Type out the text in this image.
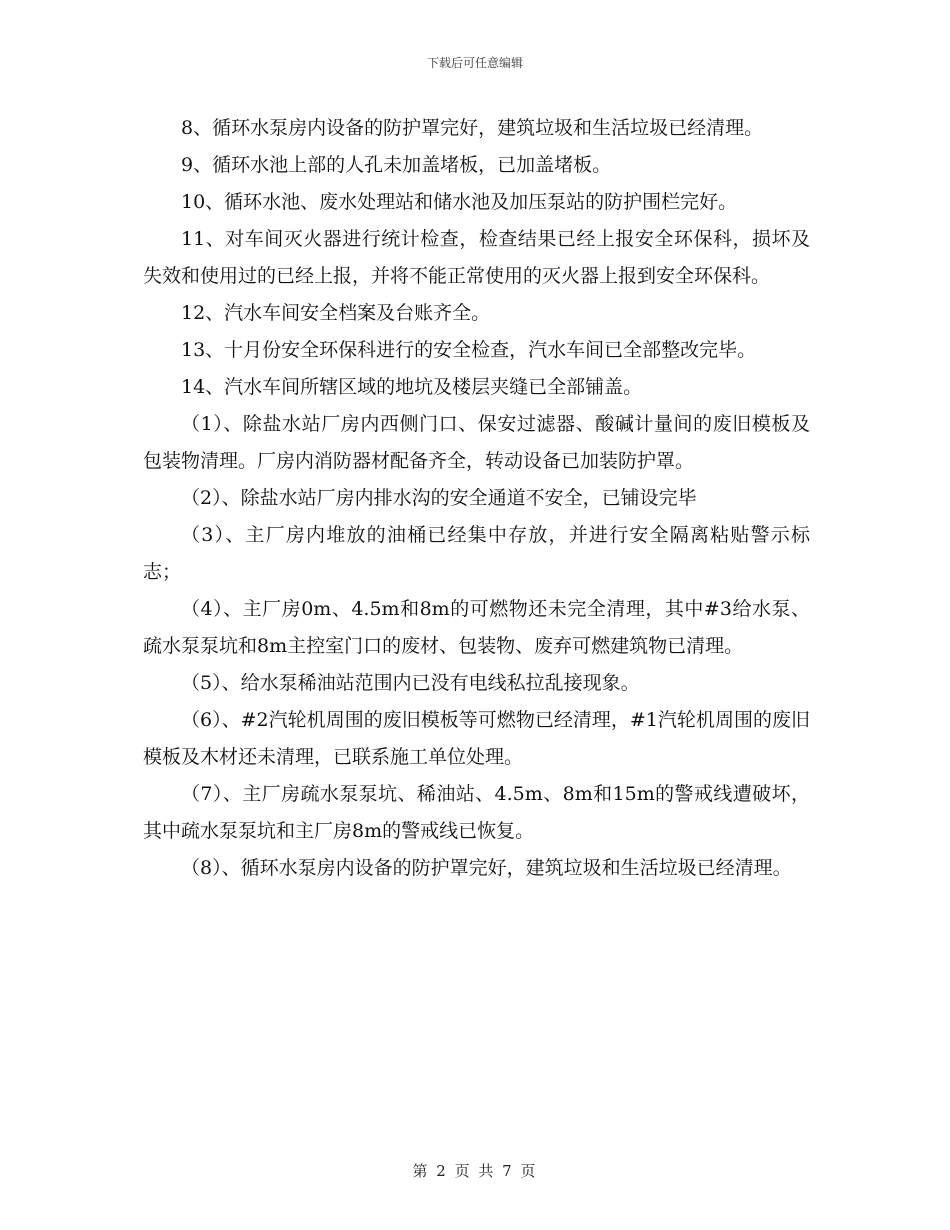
下载后可任意编辑

8、循环水泵房内设备的防护罩完好，建筑垃圾和生活垃圾已经清理。

9、循环水池上部的人孔未加盖堵板，已加盖堵板。

10、循环水池、废水处理站和储水池及加压泵站的防护围栏完好。

11、对车间灭火器进行统计检查，检查结果已经上报安全环保科，损坏及失效和使用过的已经上报，并将不能正常使用的灭火器上报到安全环保科。

12、汽水车间安全档案及台账齐全。

13、十月份安全环保科进行的安全检查，汽水车间已全部整改完毕。

14、汽水车间所辖区域的地坑及楼层夹缝已全部铺盖。

（1）、除盐水站厂房内西侧门口、保安过滤器、酸碱计量间的废旧模板及包装物清理。厂房内消防器材配备齐全，转动设备已加装防护罩。

（2）、除盐水站厂房内排水沟的安全通道不安全，已铺设完毕

（3）、主厂房内堆放的油桶已经集中存放，并进行安全隔离粘贴警示标志；

（4）、主厂房0m、4.5m和8m的可燃物还未完全清理，其中#3给水泵、疏水泵泵坑和8m主控室门口的废材、包装物、废弃可燃建筑物已清理。

（5）、给水泵稀油站范围内已没有电线私拉乱接现象。

（6）、#2汽轮机周围的废旧模板等可燃物已经清理，#1汽轮机周围的废旧模板及木材还未清理，已联系施工单位处理。

（7）、主厂房疏水泵泵坑、稀油站、4.5m、8m和15m的警戒线遭破坏，其中疏水泵泵坑和主厂房8m的警戒线已恢复。

（8）、循环水泵房内设备的防护罩完好，建筑垃圾和生活垃圾已经清理。

第 2 页 共 7 页
